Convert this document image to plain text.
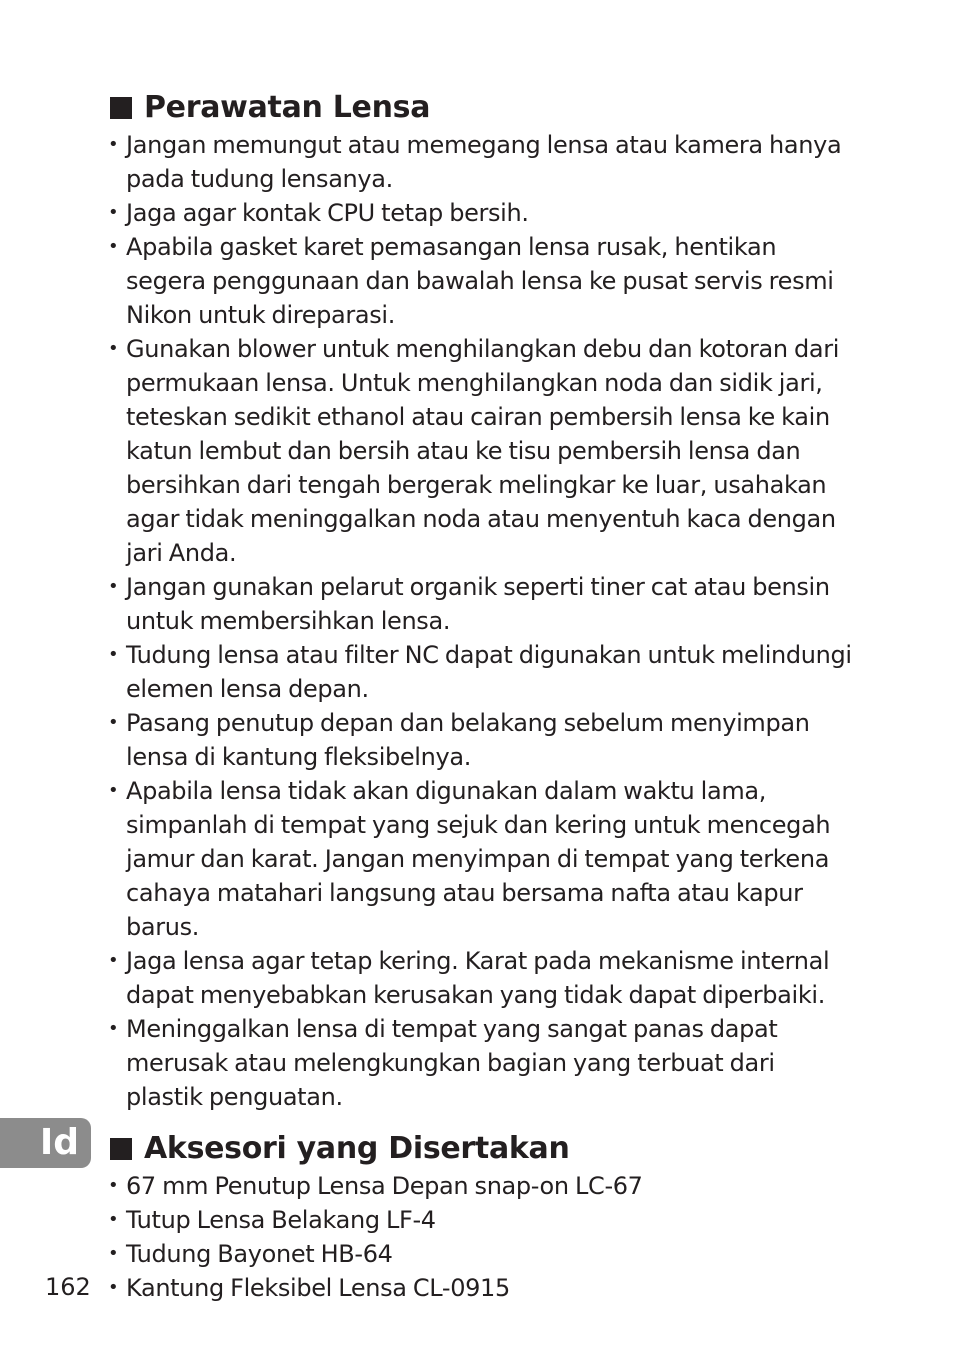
Perawatan Lensa
• Jangan memungut atau memegang lensa atau kamera hanya pada tudung lensanya.
• Jaga agar kontak CPU tetap bersih.
• Apabila gasket karet pemasangan lensa rusak, hentikan segera penggunaan dan bawalah lensa ke pusat servis resmi Nikon untuk direparasi.
• Gunakan blower untuk menghilangkan debu dan kotoran dari permukaan lensa. Untuk menghilangkan noda dan sidik jari, teteskan sedikit ethanol atau cairan pembersih lensa ke kain katun lembut dan bersih atau ke tisu pembersih lensa dan bersihkan dari tengah bergerak melingkar ke luar, usahakan agar tidak meninggalkan noda atau menyentuh kaca dengan jari Anda.
• Jangan gunakan pelarut organik seperti tiner cat atau bensin untuk membersihkan lensa.
• Tudung lensa atau filter NC dapat digunakan untuk melindungi elemen lensa depan.
• Pasang penutup depan dan belakang sebelum menyimpan lensa di kantung fleksibelnya.
• Apabila lensa tidak akan digunakan dalam waktu lama, simpanlah di tempat yang sejuk dan kering untuk mencegah jamur dan karat. Jangan menyimpan di tempat yang terkena cahaya matahari langsung atau bersama nafta atau kapur barus.
• Jaga lensa agar tetap kering. Karat pada mekanisme internal dapat menyebabkan kerusakan yang tidak dapat diperbaiki.
• Meninggalkan lensa di tempat yang sangat panas dapat merusak atau melengkungkan bagian yang terbuat dari plastik penguatan.
Id	Aksesori yang Disertakan
• 67 mm Penutup Lensa Depan snap-on LC-67
• Tutup Lensa Belakang LF-4
• Tudung Bayonet HB-64
• Kantung Fleksibel Lensa CL-0915
162
